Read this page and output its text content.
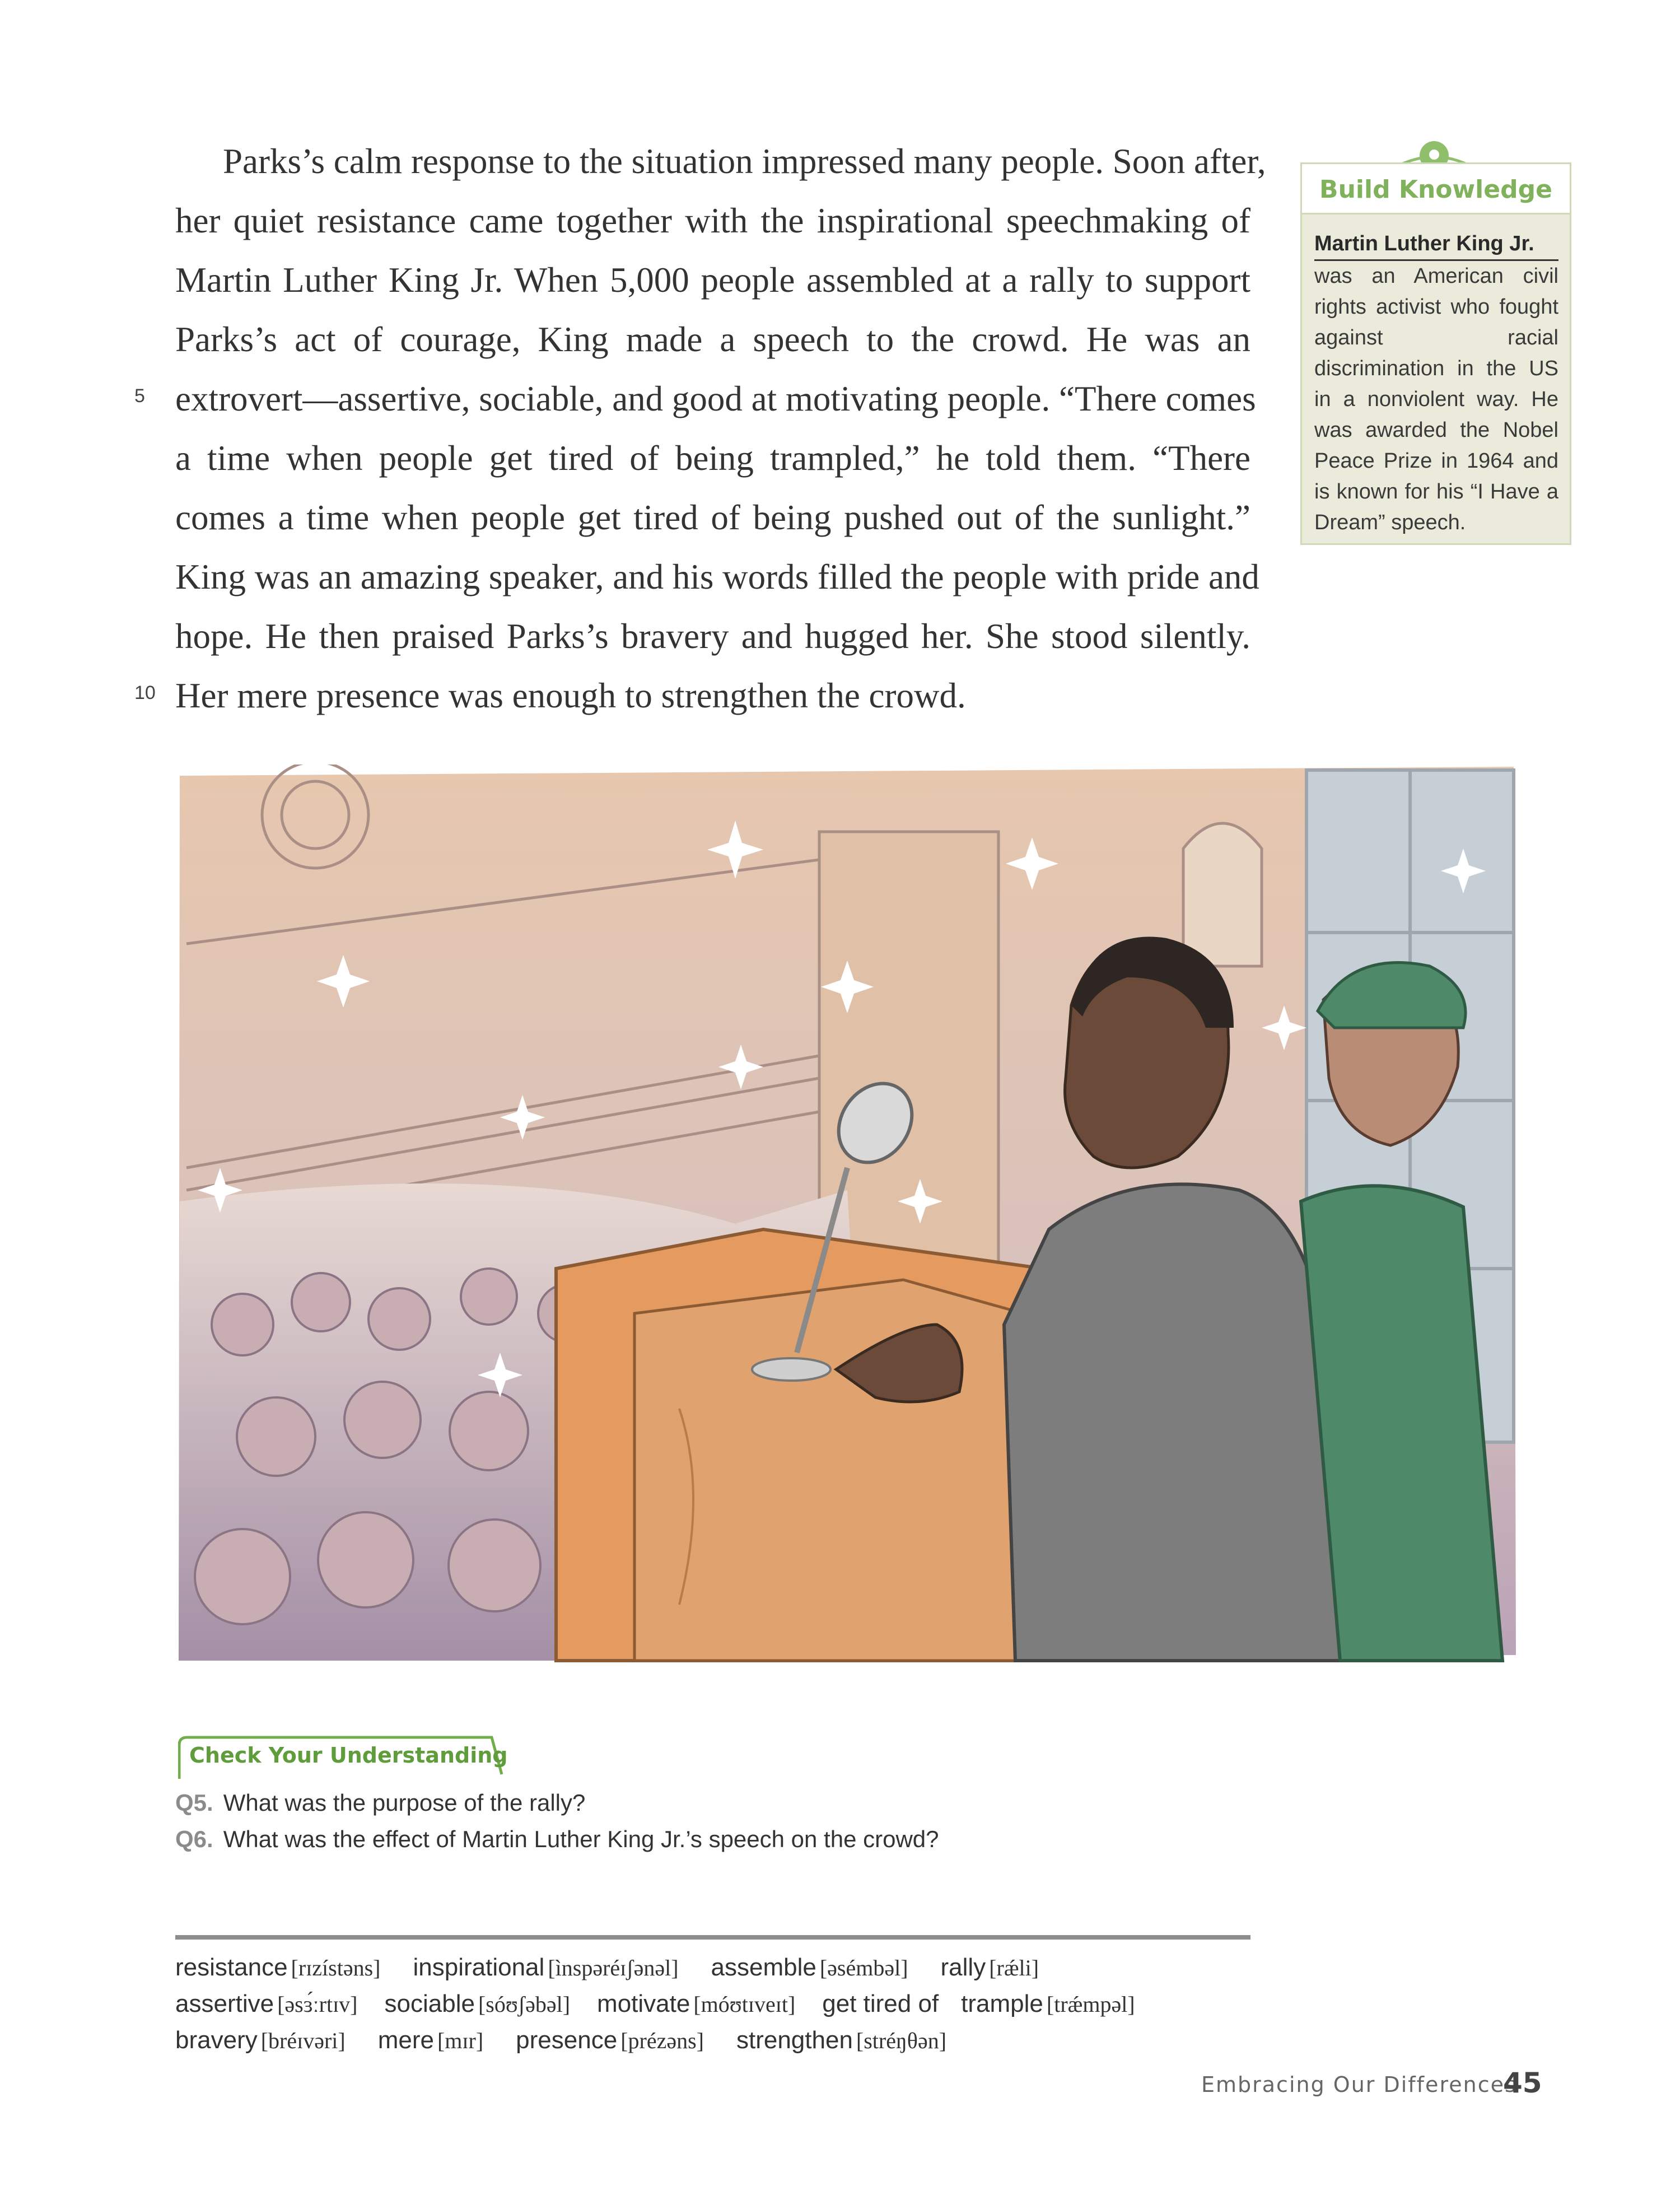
Parks’s calm response to the situation impressed many people. Soon after,
her quiet resistance came together with the inspirational speechmaking of
Martin Luther King Jr. When 5,000 people assembled at a rally to support
Parks’s act of courage, King made a speech to the crowd. He was an
extrovert—assertive, sociable, and good at motivating people. “There comes
a time when people get tired of being trampled,” he told them. “There
comes a time when people get tired of being pushed out of the sunlight.”
King was an amazing speaker, and his words filled the people with pride and
hope. He then praised Parks’s bravery and hugged her. She stood silently.
Her mere presence was enough to strengthen the crowd.
5
10
Build Knowledge
Martin Luther King Jr.
was an American civil rights activist who fought against racial discrimination in the US in a nonviolent way. He was awarded the Nobel Peace Prize in 1964 and is known for his “I Have a Dream” speech.
Check Your Understanding
Q5. What was the purpose of the rally?
Q6. What was the effect of Martin Luther King Jr.’s speech on the crowd?
resistance [rɪzístəns] inspirational [ìnspəréɪʃənəl] assemble [əsémbəl] rally [rǽli]
assertive [əsɜ́ːrtɪv] sociable [sóʊʃəbəl] motivate [móʊtɪveɪt] get tired of trample [trǽmpəl]
bravery [bréɪvəri] mere [mɪr] presence [prézəns] strengthen [stréŋθən]
Embracing Our Differences
45
